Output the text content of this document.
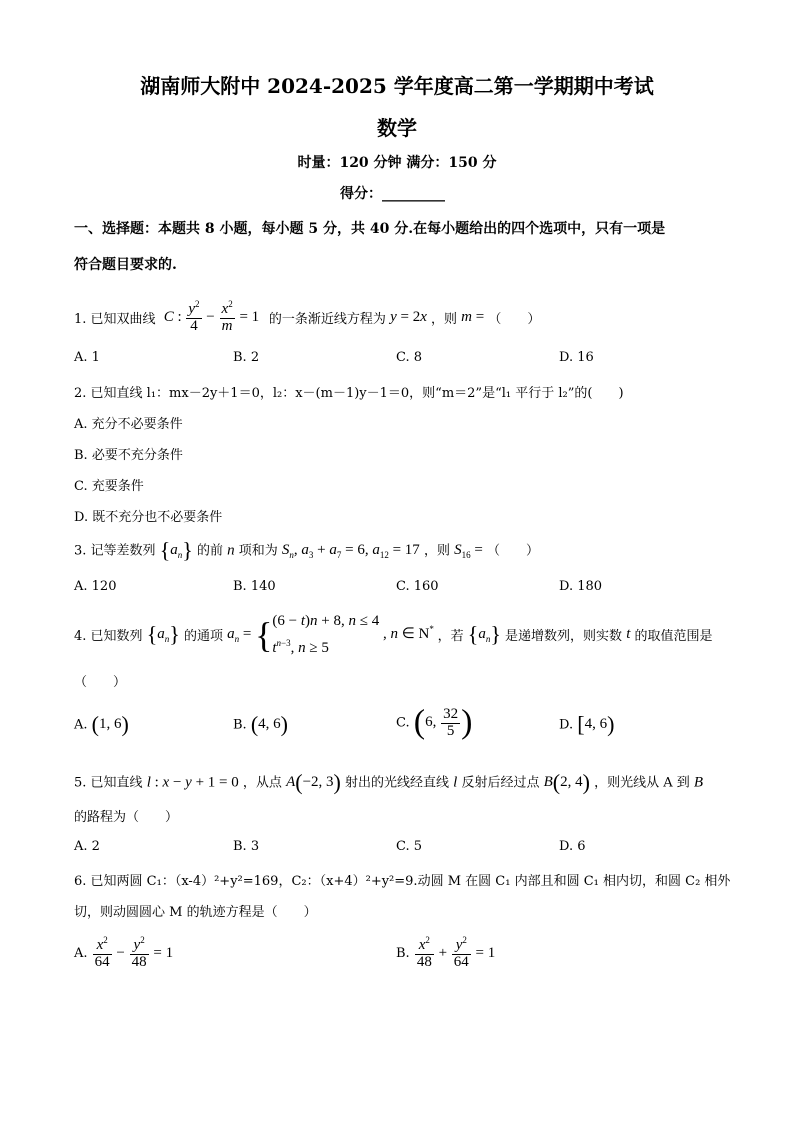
湖南师大附中 2024-2025 学年度高二第一学期期中考试
数学
时量：120 分钟 满分：150 分
得分：_________
一、选择题：本题共 8 小题，每小题 5 分，共 40 分.在每小题给出的四个选项中，只有一项是
符合题目要求的.
1. 已知双曲线 C : $\frac{y^2}{4} - \frac{x^2}{m} = 1$ 的一条渐近线方程为 y = 2x ，则 m = （　　）
A. 1	B. 2	C. 8	D. 16
2. 已知直线 l₁：mx－2y＋1＝0，l₂：x－(m－1)y－1＝0，则“m＝2”是“l₁ 平行于 l₂”的(　　)
A. 充分不必要条件
B. 必要不充分条件
C. 充要条件
D. 既不充分也不必要条件
3. 记等差数列 $\{a_n\}$ 的前 n 项和为 $S_n$, $a_3 + a_7 = 6$, $a_{12} = 17$ ，则 $S_{16}$ = （　　）
A. 120	B. 140	C. 160	D. 180
4. 已知数列 $\{a_n\}$ 的通项 $a_n$ = { (6 − t)n + 8, n ≤ 4
$t^{n-3}$, n ≥ 5
, n ∈ N* ，若 $\{a_n\}$ 是递增数列，则实数 t 的取值范围是
（　　）
A. (1, 6)	B. (4, 6)	C. (6, $\frac{32}{5}$ )	D. [4, 6)
5. 已知直线 l : x − y + 1 = 0 ，从点 A(−2, 3) 射出的光线经直线 l 反射后经过点 B(2, 4) ，则光线从 A 到 B
的路程为（　　）
A. 2	B. 3	C. 5	D. 6
6. 已知两圆 C₁：（x-4）²+y²=169，C₂：（x+4）²+y²=9.动圆 M 在圆 C₁ 内部且和圆 C₁ 相内切，和圆 C₂ 相外
切，则动圆圆心 M 的轨迹方程是（　　）
A. $\frac{x^2}{64} - \frac{y^2}{48} = 1$	B. $\frac{x^2}{48} + \frac{y^2}{64} = 1$
